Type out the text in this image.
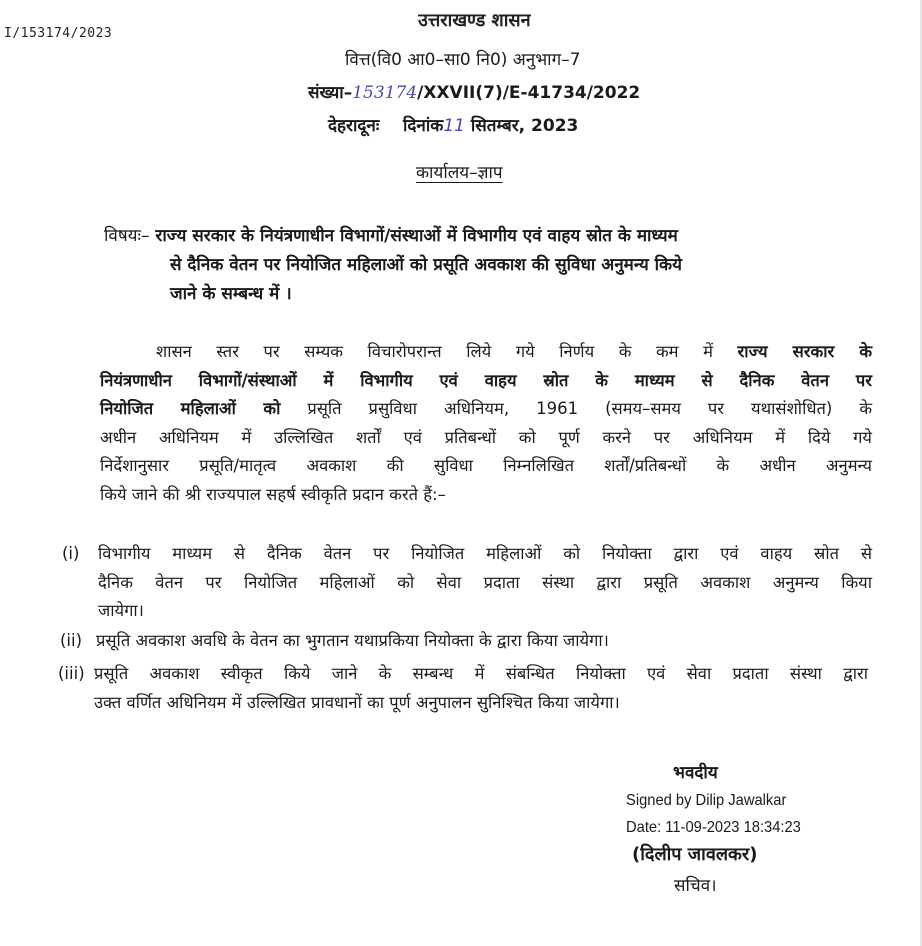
I/153174/2023
उत्तराखण्ड शासन
वित्त(वि0 आ0–सा0 नि0) अनुभाग–7
संख्या–153174/XXVII(7)/E-41734/2022
देहरादूनः दिनांक11 सितम्बर, 2023
कार्यालय–ज्ञाप
विषयः– राज्य सरकार के नियंत्रणाधीन विभागों/संस्थाओं में विभागीय एवं वाहय स्रोत के माध्यम
से दैनिक वेतन पर नियोजित महिलाओं को प्रसूति अवकाश की सुविधा अनुमन्य किये
जाने के सम्बन्ध में ।
शासन स्तर पर सम्यक विचारोपरान्त लिये गये निर्णय के कम में राज्य सरकार के
नियंत्रणाधीन विभागों/संस्थाओं में विभागीय एवं वाहय स्रोत के माध्यम से दैनिक वेतन पर
नियोजित महिलाओं को प्रसूति प्रसुविधा अधिनियम, 1961 (समय–समय पर यथासंशोधित) के
अधीन अधिनियम में उल्लिखित शर्तों एवं प्रतिबन्धों को पूर्ण करने पर अधिनियम में दिये गये
निर्देशानुसार प्रसूति/मातृत्व अवकाश की सुविधा निम्नलिखित शर्तों/प्रतिबन्धों के अधीन अनुमन्य
किये जाने की श्री राज्यपाल सहर्ष स्वीकृति प्रदान करते हैं:–
(i) विभागीय माध्यम से दैनिक वेतन पर नियोजित महिलाओं को नियोक्ता द्वारा एवं वाहय स्रोत से
दैनिक वेतन पर नियोजित महिलाओं को सेवा प्रदाता संस्था द्वारा प्रसूति अवकाश अनुमन्य किया
जायेगा।
(ii) प्रसूति अवकाश अवधि के वेतन का भुगतान यथाप्रकिया नियोक्ता के द्वारा किया जायेगा।
(iii) प्रसूति अवकाश स्वीकृत किये जाने के सम्बन्ध में संबन्धित नियोक्ता एवं सेवा प्रदाता संस्था द्वारा
उक्त वर्णित अधिनियम में उल्लिखित प्रावधानों का पूर्ण अनुपालन सुनिश्चित किया जायेगा।
भवदीय
Signed by Dilip Jawalkar
Date: 11-09-2023 18:34:23
(दिलीप जावलकर)
सचिव।
